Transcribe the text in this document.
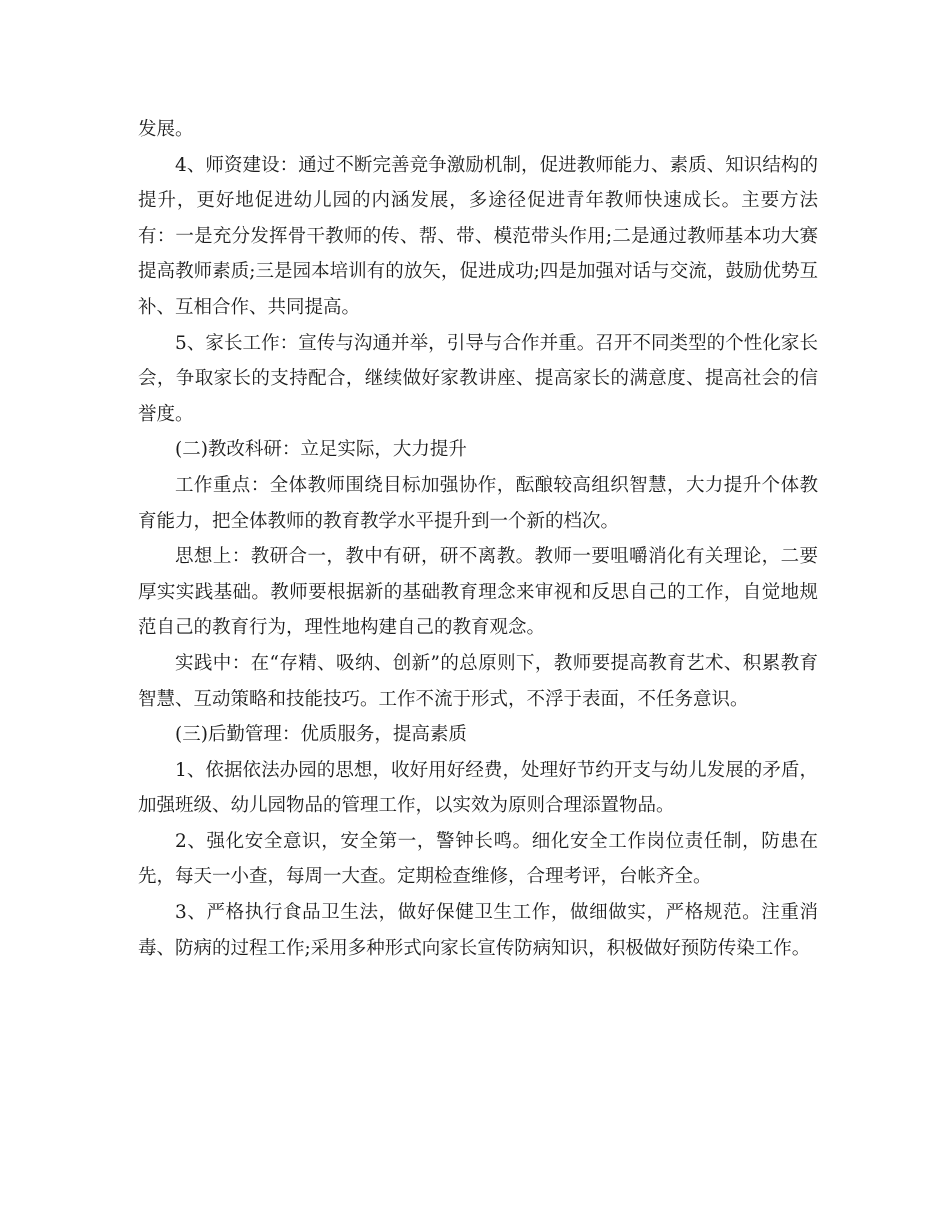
发展。

4、师资建设：通过不断完善竞争激励机制，促进教师能力、素质、知识结构的提升，更好地促进幼儿园的内涵发展，多途径促进青年教师快速成长。主要方法有：一是充分发挥骨干教师的传、帮、带、模范带头作用;二是通过教师基本功大赛提高教师素质;三是园本培训有的放矢，促进成功;四是加强对话与交流，鼓励优势互补、互相合作、共同提高。

5、家长工作：宣传与沟通并举，引导与合作并重。召开不同类型的个性化家长会，争取家长的支持配合，继续做好家教讲座、提高家长的满意度、提高社会的信誉度。

(二)教改科研：立足实际，大力提升

工作重点：全体教师围绕目标加强协作，酝酿较高组织智慧，大力提升个体教育能力，把全体教师的教育教学水平提升到一个新的档次。

思想上：教研合一，教中有研，研不离教。教师一要咀嚼消化有关理论，二要厚实实践基础。教师要根据新的基础教育理念来审视和反思自己的工作，自觉地规范自己的教育行为，理性地构建自己的教育观念。

实践中：在“存精、吸纳、创新”的总原则下，教师要提高教育艺术、积累教育智慧、互动策略和技能技巧。工作不流于形式，不浮于表面，不任务意识。

(三)后勤管理：优质服务，提高素质

1、依据依法办园的思想，收好用好经费，处理好节约开支与幼儿发展的矛盾，加强班级、幼儿园物品的管理工作，以实效为原则合理添置物品。

2、强化安全意识，安全第一，警钟长鸣。细化安全工作岗位责任制，防患在先，每天一小查，每周一大查。定期检查维修，合理考评，台帐齐全。

3、严格执行食品卫生法，做好保健卫生工作，做细做实，严格规范。注重消毒、防病的过程工作;采用多种形式向家长宣传防病知识，积极做好预防传染工作。
